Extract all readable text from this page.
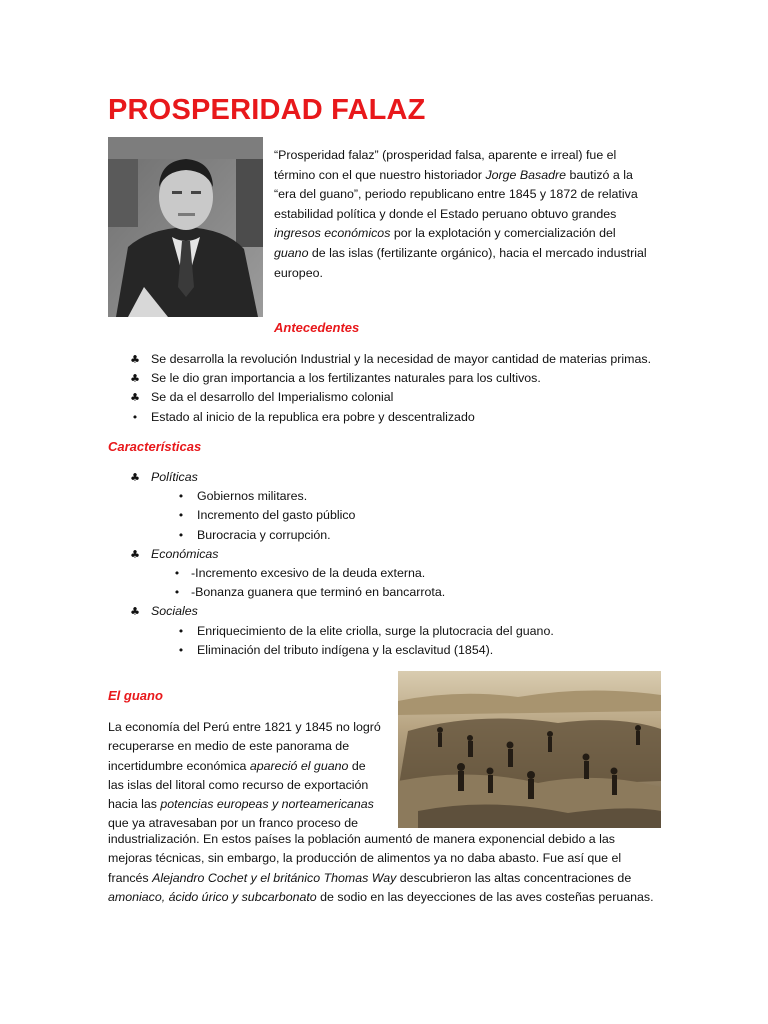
PROSPERIDAD FALAZ

“Prosperidad falaz” (prosperidad falsa, aparente e irreal) fue el
término con el que nuestro historiador Jorge Basadre bautizó a la
“era del guano”, periodo republicano entre 1845 y 1872 de relativa
estabilidad política y donde el Estado peruano obtuvo grandes
ingresos económicos por la explotación y comercialización del
guano de las islas (fertilizante orgánico), hacia el mercado industrial
europeo.

Antecedentes
♣ Se desarrolla la revolución Industrial y la necesidad de mayor cantidad de materias primas.
♣ Se le dio gran importancia a los fertilizantes naturales para los cultivos.
♣ Se da el desarrollo del Imperialismo colonial
•	Estado al inicio de la republica era pobre y descentralizado
Características
♣ Políticas
•	Gobiernos militares.
•	Incremento del gasto público
•	Burocracia y corrupción.
♣ Económicas
• -Incremento excesivo de la deuda externa.
• -Bonanza guanera que terminó en bancarrota.
♣ Sociales
•	Enriquecimiento de la elite criolla, surge la plutocracia del guano.
•	Eliminación del tributo indígena y la esclavitud (1854).
El guano

La economía del Perú entre 1821 y 1845 no logró
recuperarse en medio de este panorama de
incertidumbre económica apareció el guano de
las islas del litoral como recurso de exportación
hacia las potencias europeas y norteamericanas
que ya atravesaban por un franco proceso de

industrialización. En estos países la población aumentó de manera exponencial debido a las
mejoras técnicas, sin embargo, la producción de alimentos ya no daba abasto. Fue así que el
francés Alejandro Cochet y el británico Thomas Way descubrieron las altas concentraciones de
amoniaco, ácido úrico y subcarbonato de sodio en las deyecciones de las aves costeñas peruanas.
